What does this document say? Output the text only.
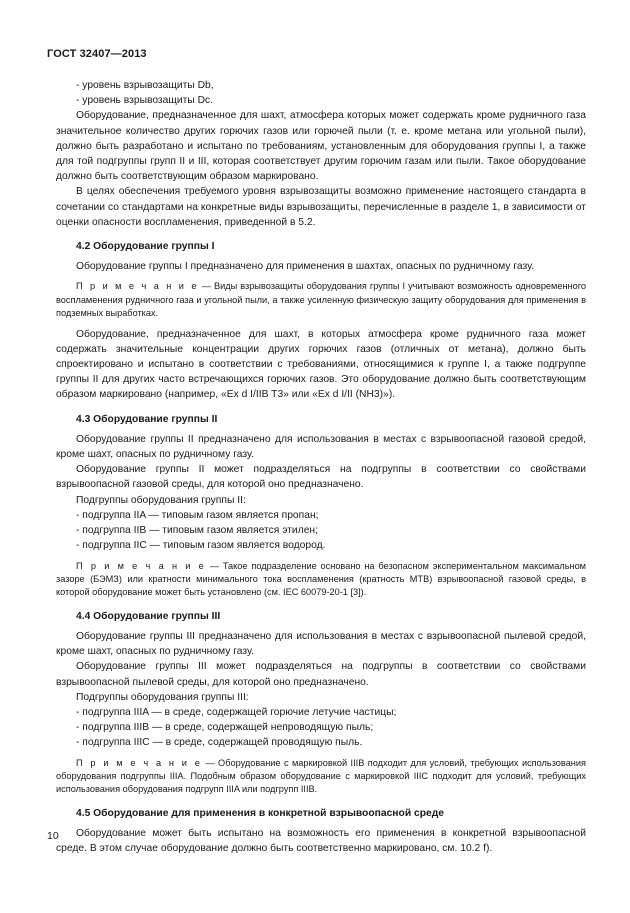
ГОСТ 32407—2013

- уровень взрывозащиты Db,

- уровень взрывозащиты Dc.

Оборудование, предназначенное для шахт, атмосфера которых может содержать кроме рудничного газа значительное количество других горючих газов или горючей пыли (т. е. кроме метана или угольной пыли), должно быть разработано и испытано по требованиям, установленным для оборудования группы I, а также для той подгруппы групп II и III, которая соответствует другим горючим газам или пыли. Такое оборудование должно быть соответствующим образом маркировано.

В целях обеспечения требуемого уровня взрывозащиты возможно применение настоящего стандарта в сочетании со стандартами на конкретные виды взрывозащиты, перечисленные в разделе 1, в зависимости от оценки опасности воспламенения, приведенной в 5.2.

4.2 Оборудование группы I

Оборудование группы I предназначено для применения в шахтах, опасных по рудничному газу.

П р и м е ч а н и е — Виды взрывозащиты оборудования группы I учитывают возможность одновременного воспламенения рудничного газа и угольной пыли, а также усиленную физическую защиту оборудования для применения в подземных выработках.

Оборудование, предназначенное для шахт, в которых атмосфера кроме рудничного газа может содержать значительные концентрации других горючих газов (отличных от метана), должно быть спроектировано и испытано в соответствии с требованиями, относящимися к группе I, а также подгруппе группы II для других часто встречающихся горючих газов. Это оборудование должно быть соответствующим образом маркировано (например, «Ex d I/IIB T3» или «Ex d I/II (NH3)»).

4.3 Оборудование группы II

Оборудование группы II предназначено для использования в местах с взрывоопасной газовой средой, кроме шахт, опасных по рудничному газу.

Оборудование группы II может подразделяться на подгруппы в соответствии со свойствами взрывоопасной газовой среды, для которой оно предназначено.

Подгруппы оборудования группы II:

- подгруппа IIA — типовым газом является пропан;

- подгруппа IIB — типовым газом является этилен;

- подгруппа IIC — типовым газом является водород.

П р и м е ч а н и е — Такое подразделение основано на безопасном экспериментальном максимальном зазоре (БЭМЗ) или кратности минимального тока воспламенения (кратность МТВ) взрывоопасной газовой среды, в которой оборудование может быть установлено (см. IEC 60079-20-1 [3]).

4.4 Оборудование группы III

Оборудование группы III предназначено для использования в местах с взрывоопасной пылевой средой, кроме шахт, опасных по рудничному газу.

Оборудование группы III может подразделяться на подгруппы в соответствии со свойствами взрывоопасной пылевой среды, для которой оно предназначено.

Подгруппы оборудования группы III:

- подгруппа IIIA — в среде, содержащей горючие летучие частицы;

- подгруппа IIIB — в среде, содержащей непроводящую пыль;

- подгруппа IIIC — в среде, содержащей проводящую пыль.

П р и м е ч а н и е — Оборудование с маркировкой IIIB подходит для условий, требующих использования оборудования подгруппы IIIA. Подобным образом оборудование с маркировкой IIIC подходит для условий, требующих использования оборудования подгрупп IIIA или подгрупп IIIB.

4.5 Оборудование для применения в конкретной взрывоопасной среде

Оборудование может быть испытано на возможность его применения в конкретной взрывоопасной среде. В этом случае оборудование должно быть соответственно маркировано, см. 10.2 f).

10
